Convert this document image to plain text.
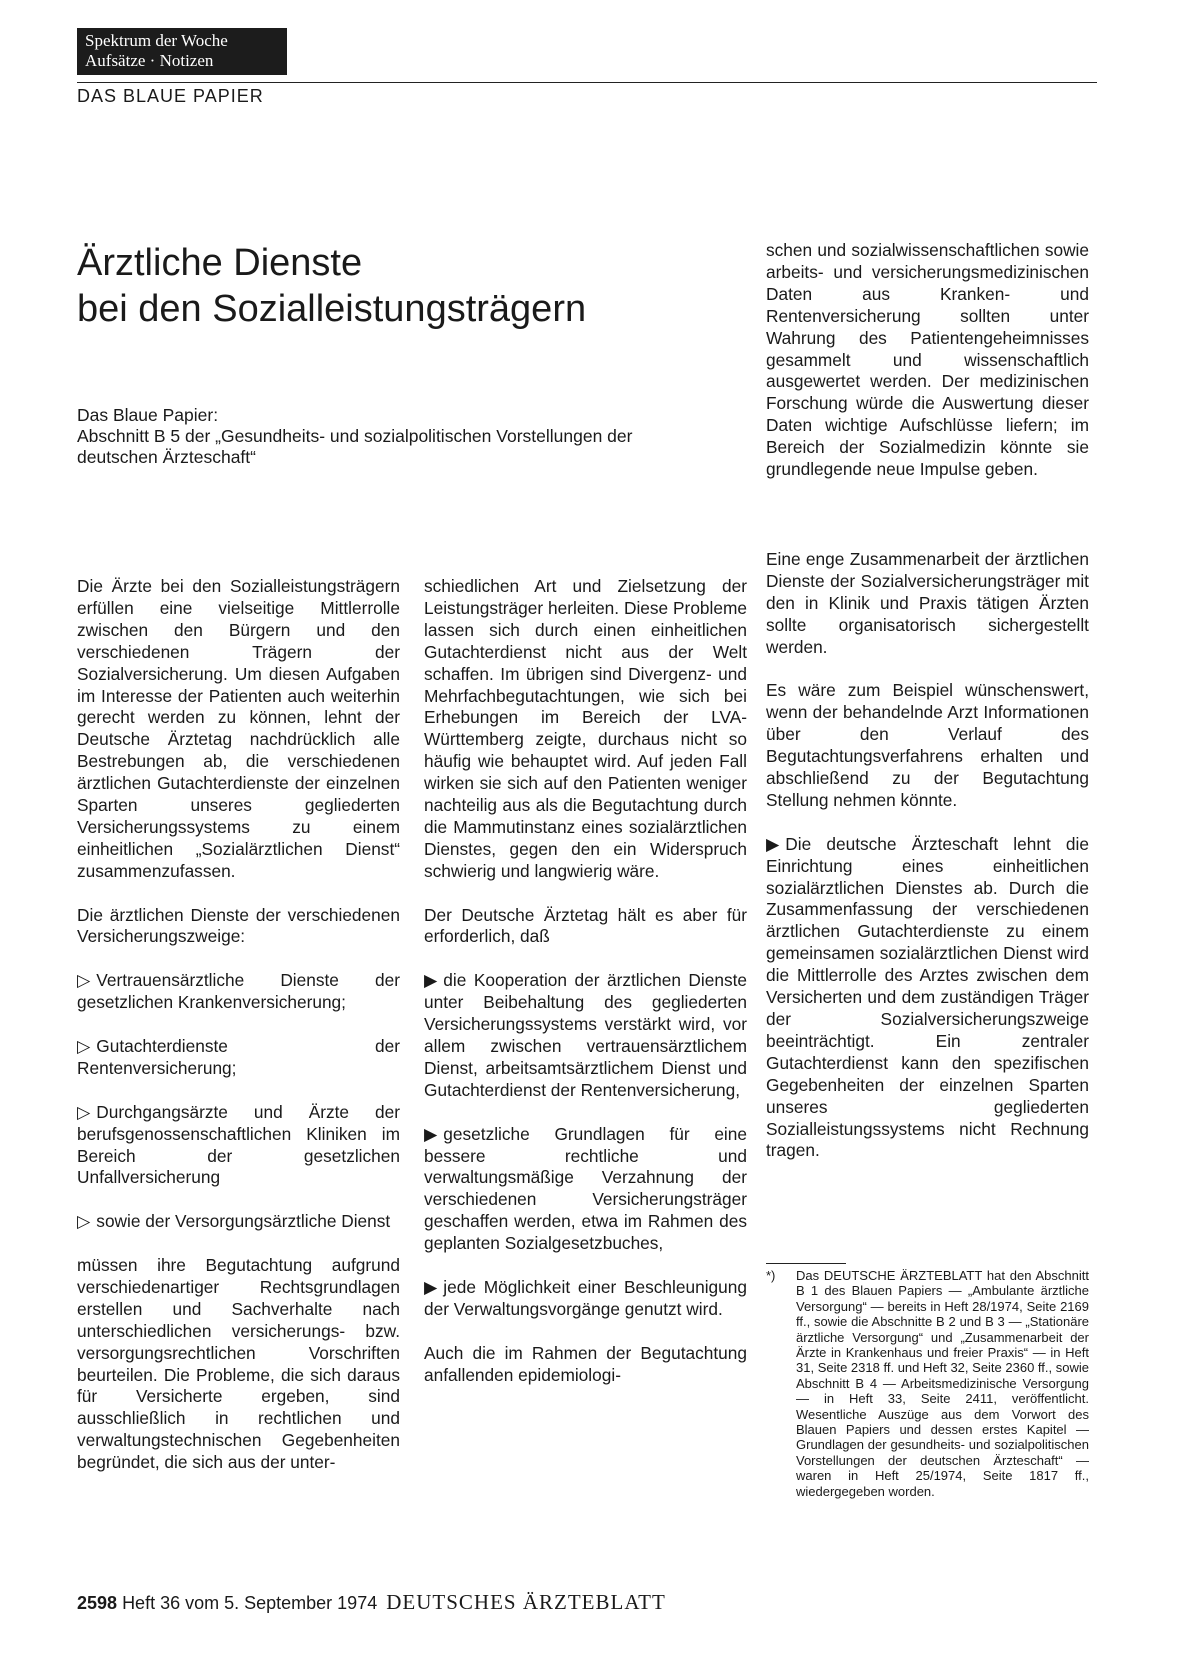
Spektrum der Woche
Aufsätze · Notizen
DAS BLAUE PAPIER
Ärztliche Dienste
bei den Sozialleistungsträgern
Das Blaue Papier:
Abschnitt B 5 der „Gesundheits- und sozialpolitischen Vorstellungen der deutschen Ärzteschaft“

Die Ärzte bei den Sozialleistungsträgern erfüllen eine vielseitige Mittlerrolle zwischen den Bürgern und den verschiedenen Trägern der Sozialversicherung. Um diesen Aufgaben im Interesse der Patienten auch weiterhin gerecht werden zu können, lehnt der Deutsche Ärztetag nachdrücklich alle Bestrebungen ab, die verschiedenen ärztlichen Gutachterdienste der einzelnen Sparten unseres gegliederten Versicherungssystems zu einem einheitlichen „Sozialärztlichen Dienst“ zusammenzufassen.

Die ärztlichen Dienste der verschiedenen Versicherungszweige:

▷ Vertrauensärztliche Dienste der gesetzlichen Krankenversicherung;

▷ Gutachterdienste der Rentenversicherung;

▷ Durchgangsärzte und Ärzte der berufsgenossenschaftlichen Kliniken im Bereich der gesetzlichen Unfallversicherung

▷ sowie der Versorgungsärztliche Dienst

müssen ihre Begutachtung aufgrund verschiedenartiger Rechtsgrundlagen erstellen und Sachverhalte nach unterschiedlichen versicherungs- bzw. versorgungsrechtlichen Vorschriften beurteilen. Die Probleme, die sich daraus für Versicherte ergeben, sind ausschließlich in rechtlichen und verwaltungstechnischen Gegebenheiten begründet, die sich aus der unter-

schiedlichen Art und Zielsetzung der Leistungsträger herleiten. Diese Probleme lassen sich durch einen einheitlichen Gutachterdienst nicht aus der Welt schaffen. Im übrigen sind Divergenz- und Mehrfachbegutachtungen, wie sich bei Erhebungen im Bereich der LVA-Württemberg zeigte, durchaus nicht so häufig wie behauptet wird. Auf jeden Fall wirken sie sich auf den Patienten weniger nachteilig aus als die Begutachtung durch die Mammutinstanz eines sozialärztlichen Dienstes, gegen den ein Widerspruch schwierig und langwierig wäre.

Der Deutsche Ärztetag hält es aber für erforderlich, daß

▶ die Kooperation der ärztlichen Dienste unter Beibehaltung des gegliederten Versicherungssystems verstärkt wird, vor allem zwischen vertrauensärztlichem Dienst, arbeitsamtsärztlichem Dienst und Gutachterdienst der Rentenversicherung,

▶ gesetzliche Grundlagen für eine bessere rechtliche und verwaltungsmäßige Verzahnung der verschiedenen Versicherungsträger geschaffen werden, etwa im Rahmen des geplanten Sozialgesetzbuches,

▶ jede Möglichkeit einer Beschleunigung der Verwaltungsvorgänge genutzt wird.

Auch die im Rahmen der Begutachtung anfallenden epidemiologi-

schen und sozialwissenschaftlichen sowie arbeits- und versicherungsmedizinischen Daten aus Kranken- und Rentenversicherung sollten unter Wahrung des Patientengeheimnisses gesammelt und wissenschaftlich ausgewertet werden. Der medizinischen Forschung würde die Auswertung dieser Daten wichtige Aufschlüsse liefern; im Bereich der Sozialmedizin könnte sie grundlegende neue Impulse geben.

Eine enge Zusammenarbeit der ärztlichen Dienste der Sozialversicherungsträger mit den in Klinik und Praxis tätigen Ärzten sollte organisatorisch sichergestellt werden.

Es wäre zum Beispiel wünschenswert, wenn der behandelnde Arzt Informationen über den Verlauf des Begutachtungsverfahrens erhalten und abschließend zu der Begutachtung Stellung nehmen könnte.

▶ Die deutsche Ärzteschaft lehnt die Einrichtung eines einheitlichen sozialärztlichen Dienstes ab. Durch die Zusammenfassung der verschiedenen ärztlichen Gutachterdienste zu einem gemeinsamen sozialärztlichen Dienst wird die Mittlerrolle des Arztes zwischen dem Versicherten und dem zuständigen Träger der Sozialversicherungszweige beeinträchtigt. Ein zentraler Gutachterdienst kann den spezifischen Gegebenheiten der einzelnen Sparten unseres gegliederten Sozialleistungssystems nicht Rechnung tragen.

*) Das DEUTSCHE ÄRZTEBLATT hat den Abschnitt B 1 des Blauen Papiers — „Ambulante ärztliche Versorgung“ — bereits in Heft 28/1974, Seite 2169 ff., sowie die Abschnitte B 2 und B 3 — „Stationäre ärztliche Versorgung“ und „Zusammenarbeit der Ärzte in Krankenhaus und freier Praxis“ — in Heft 31, Seite 2318 ff. und Heft 32, Seite 2360 ff., sowie Abschnitt B 4 — Arbeitsmedizinische Versorgung — in Heft 33, Seite 2411, veröffentlicht. Wesentliche Auszüge aus dem Vorwort des Blauen Papiers und dessen erstes Kapitel — Grundlagen der gesundheits- und sozialpolitischen Vorstellungen der deutschen Ärzteschaft“ — waren in Heft 25/1974, Seite 1817 ff., wiedergegeben worden.
2598 Heft 36 vom 5. September 1974 DEUTSCHES ÄRZTEBLATT
